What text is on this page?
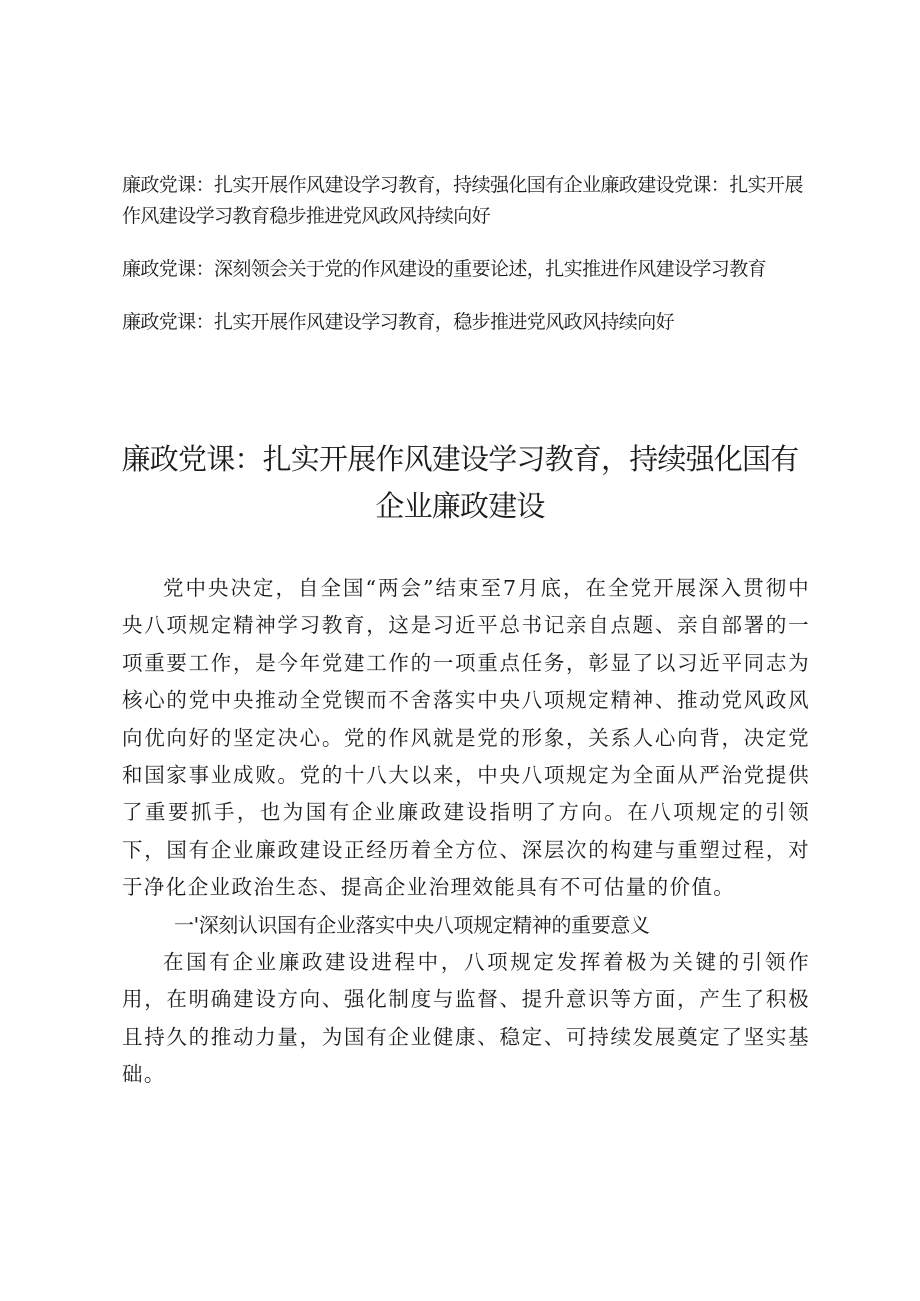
廉政党课：扎实开展作风建设学习教育，持续强化国有企业廉政建设党课：扎实开展作风建设学习教育稳步推进党风政风持续向好
廉政党课：深刻领会关于党的作风建设的重要论述，扎实推进作风建设学习教育
廉政党课：扎实开展作风建设学习教育，稳步推进党风政风持续向好
廉政党课：扎实开展作风建设学习教育，持续强化国有
企业廉政建设

党中央决定，自全国“两会”结束至7月底，在全党开展深入贯彻中央八项规定精神学习教育，这是习近平总书记亲自点题、亲自部署的一项重要工作，是今年党建工作的一项重点任务，彰显了以习近平同志为核心的党中央推动全党锲而不舍落实中央八项规定精神、推动党风政风向优向好的坚定决心。党的作风就是党的形象，关系人心向背，决定党和国家事业成败。党的十八大以来，中央八项规定为全面从严治党提供了重要抓手，也为国有企业廉政建设指明了方向。在八项规定的引领下，国有企业廉政建设正经历着全方位、深层次的构建与重塑过程，对于净化企业政治生态、提高企业治理效能具有不可估量的价值。

一'深刻认识国有企业落实中央八项规定精神的重要意义

在国有企业廉政建设进程中，八项规定发挥着极为关键的引领作用，在明确建设方向、强化制度与监督、提升意识等方面，产生了积极且持久的推动力量，为国有企业健康、稳定、可持续发展奠定了坚实基础。
